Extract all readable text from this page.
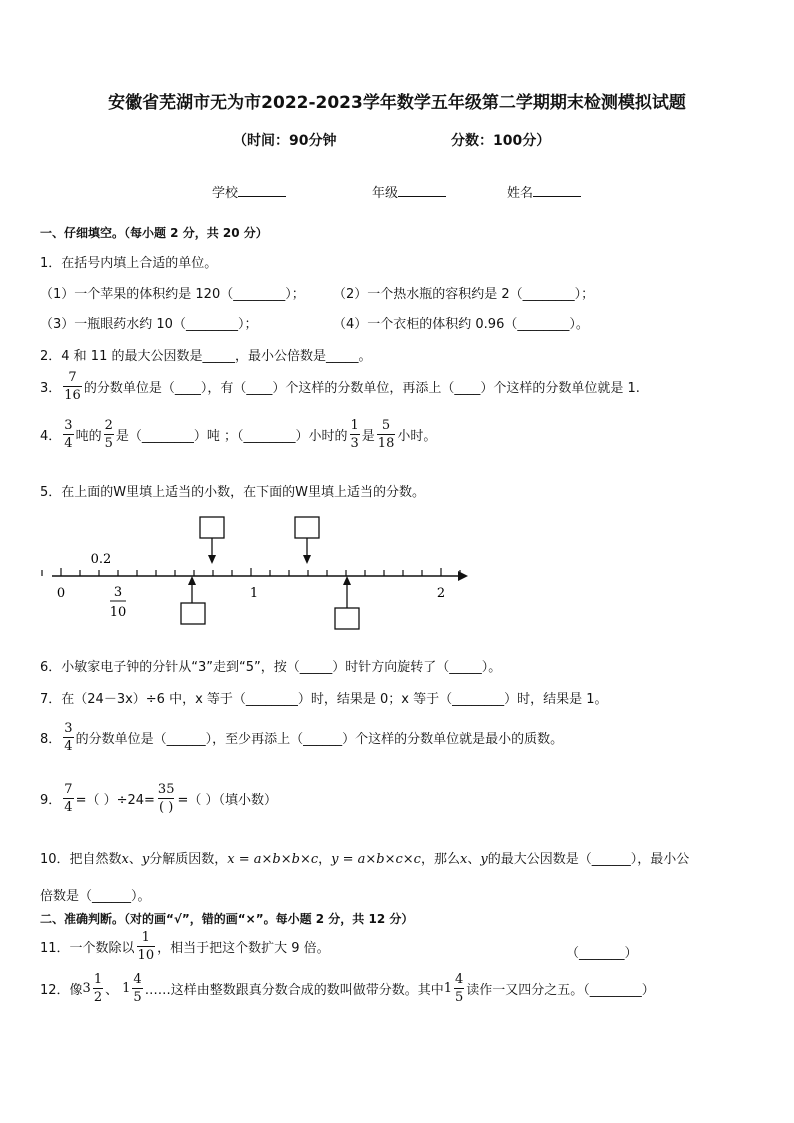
安徽省芜湖市无为市2022-2023学年数学五年级第二学期期末检测模拟试题
（时间：90分钟	分数：100分）
学校	年级	姓名
一、仔细填空。（每小题 2 分，共 20 分）
1．在括号内填上合适的单位。
（1）一个苹果的体积约是 120（________）； （2）一个热水瓶的容积约是 2（________）；
（3）一瓶眼药水约 10（________）；	（4）一个衣柜的体积约 0.96（________）。
2．4 和 11 的最大公因数是_____，最小公倍数是_____。
3． $\frac{7}{16}$ 的分数单位是（____），有（____）个这样的分数单位，再添上（____）个这样的分数单位就是 1.
4． $\frac{3}{4}$ 吨的 $\frac{2}{5}$ 是（________）吨 ；（________）小时的 $\frac{1}{3}$ 是 $\frac{5}{18}$ 小时。
5．在上面的W里填上适当的小数，在下面的W里填上适当的分数。
0.2
0	1	2
3
10
6．小敏家电子钟的分针从“3”走到“5”，按（_____）时针方向旋转了（_____）。
7．在（24－3x）÷6 中，x 等于（________）时，结果是 0；x 等于（________）时，结果是 1。
8． $\frac{3}{4}$ 的分数单位是（______），至少再添上（______）个这样的分数单位就是最小的质数。
9． $\frac{7}{4}$ =（ ）$\div 24= \frac{35}{( )}$ =（ ）（填小数）
10．把自然数x、y分解质因数，x = a×b×b×c，y = a×b×c×c，那么x、y的最大公因数是（______），最小公
倍数是（______）。
二、准确判断。（对的画“√”，错的画“×”。每小题 2 分，共 12 分）
11．一个数除以 $\frac{1}{10}$ ，相当于把这个数扩大 9 倍。	（_______）
12．像 $3 \frac{1}{2}$ 、 $1 \frac{4}{5}$ ……这样由整数跟真分数合成的数叫做带分数。其中 $1 \frac{4}{5}$ 读作一又四分之五。（________）
